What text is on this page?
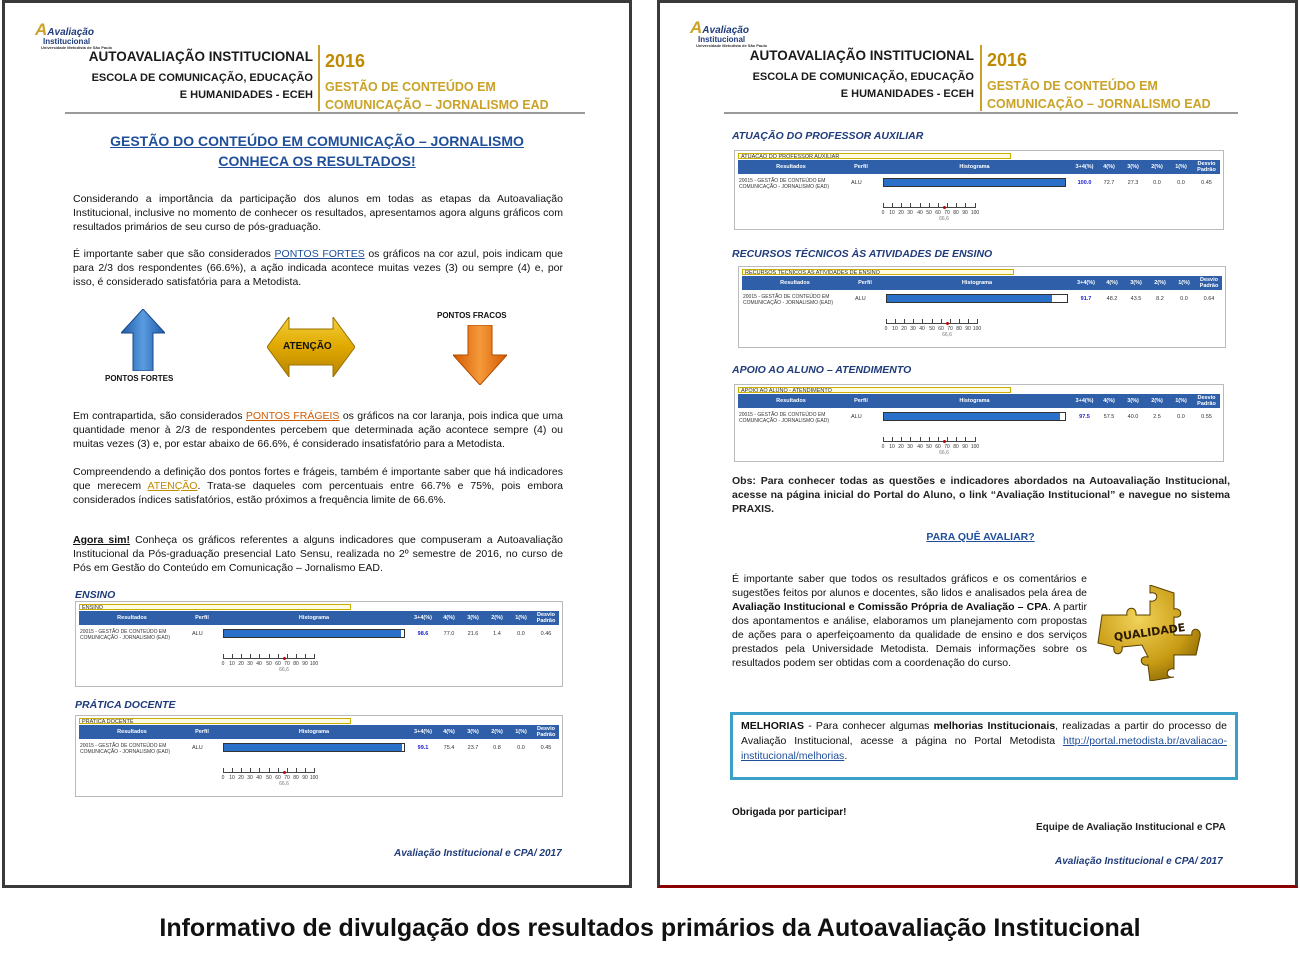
AAvaliação
Institucional
Universidade Metodista de São Paulo
AUTOAVALIAÇÃO INSTITUCIONAL
ESCOLA DE COMUNICAÇÃO, EDUCAÇÃO
E HUMANIDADES - ECEH
2016
GESTÃO DE CONTEÚDO EM
COMUNICAÇÃO – JORNALISMO EAD
GESTÃO DO CONTEÚDO EM COMUNICAÇÃO – JORNALISMO
CONHECA OS RESULTADOS!
Considerando a importância da participação dos alunos em todas as etapas da Autoavaliação Institucional, inclusive no momento de conhecer os resultados, apresentamos agora alguns gráficos com resultados primários de seu curso de pós-graduação.
É importante saber que são considerados PONTOS FORTES os gráficos na cor azul, pois indicam que para 2/3 dos respondentes (66.6%), a ação indicada acontece muitas vezes (3) ou sempre (4) e, por isso, é considerado satisfatória para a Metodista.
PONTOS FORTES
ATENÇÃO
PONTOS FRACOS
Em contrapartida, são considerados PONTOS FRÁGEIS os gráficos na cor laranja, pois indica que uma quantidade menor à 2/3 de respondentes percebem que determinada ação acontece sempre (4) ou muitas vezes (3) e, por estar abaixo de 66.6%, é considerado insatisfatório para a Metodista.
Compreendendo a definição dos pontos fortes e frágeis, também é importante saber que há indicadores que merecem ATENÇÃO. Trata-se daqueles com percentuais entre 66.7% e 75%, pois embora considerados índices satisfatórios, estão próximos a frequência limite de 66.6%.
Agora sim! Conheça os gráficos referentes a alguns indicadores que compuseram a Autoavaliação Institucional da Pós-graduação presencial Lato Sensu, realizada no 2º semestre de 2016, no curso de Pós em Gestão do Conteúdo em Comunicação – Jornalismo EAD.
ENSINO
ENSINO
Resultados	Perfil	Histograma	3+4(%)	4(%)	3(%)	2(%)	1(%)	Desvio Padrão
20015 - GESTÃO DE CONTEÚDO EM COMUNICAÇÃO - JORNALISMO (EAD)
ALU	98.6	77.0	21.6	1.4	0.0	0.46
0 10 20 30 40 50 60 70 80 90 100
66,6
PRÁTICA DOCENTE
PRATICA DOCENTE
Resultados	Perfil	Histograma	3+4(%)	4(%)	3(%)	2(%)	1(%)	Desvio Padrão
20015 - GESTÃO DE CONTEÚDO EM COMUNICAÇÃO - JORNALISMO (EAD)
ALU	99.1	75.4	23.7	0.8	0.0	0.45
0 10 20 30 40 50 60 70 80 90 100
66,6
Avaliação Institucional e CPA/ 2017
AAvaliação
Institucional
Universidade Metodista de São Paulo
AUTOAVALIAÇÃO INSTITUCIONAL
ESCOLA DE COMUNICAÇÃO, EDUCAÇÃO
E HUMANIDADES - ECEH
2016
GESTÃO DE CONTEÚDO EM
COMUNICAÇÃO – JORNALISMO EAD
ATUAÇÃO DO PROFESSOR AUXILIAR
ATUACAO DO PROFESSOR AUXILIAR
Resultados	Perfil	Histograma	3+4(%)	4(%)	3(%)	2(%)	1(%)	Desvio Padrão
20015 - GESTÃO DE CONTEÚDO EM COMUNICAÇÃO - JORNALISMO (EAD)
ALU	100.0	72.7	27.3	0.0	0.0	0.45
0 10 20 30 40 50 60 70 80 90 100
66,6
RECURSOS TÉCNICOS ÀS ATIVIDADES DE ENSINO
RECURSOS TECNICOS AS ATIVIDADES DE ENSINO
Resultados	Perfil	Histograma	3+4(%)	4(%)	3(%)	2(%)	1(%)	Desvio Padrão
20015 - GESTÃO DE CONTEÚDO EM COMUNICAÇÃO - JORNALISMO (EAD)
ALU	91.7	48.2	43.5	8.2	0.0	0.64
0 10 20 30 40 50 60 70 80 90 100
66,6
APOIO AO ALUNO – ATENDIMENTO
APOIO AO ALUNO - ATENDIMENTO
Resultados	Perfil	Histograma	3+4(%)	4(%)	3(%)	2(%)	1(%)	Desvio Padrão
20015 - GESTÃO DE CONTEÚDO EM COMUNICAÇÃO - JORNALISMO (EAD)
ALU	97.5	57.5	40.0	2.5	0.0	0.55
0 10 20 30 40 50 60 70 80 90 100
66,6
Obs: Para conhecer todas as questões e indicadores abordados na Autoavaliação Institucional, acesse na página inicial do Portal do Aluno, o link “Avaliação Institucional” e navegue no sistema PRAXIS.
PARA QUÊ AVALIAR?
É importante saber que todos os resultados gráficos e os comentários e sugestões feitos por alunos e docentes, são lidos e analisados pela área de Avaliação Institucional e Comissão Própria de Avaliação – CPA. A partir dos apontamentos e análise, elaboramos um planejamento com propostas de ações para o aperfeiçoamento da qualidade de ensino e dos serviços prestados pela Universidade Metodista. Demais informações sobre os resultados podem ser obtidas com a coordenação do curso.
QUALIDADE
MELHORIAS - Para conhecer algumas melhorias Institucionais, realizadas a partir do processo de Avaliação Institucional, acesse a página no Portal Metodista http://portal.metodista.br/avaliacao-institucional/melhorias.
Obrigada por participar!
Equipe de Avaliação Institucional e CPA
Avaliação Institucional e CPA/ 2017
Informativo de divulgação dos resultados primários da Autoavaliação Institucional
